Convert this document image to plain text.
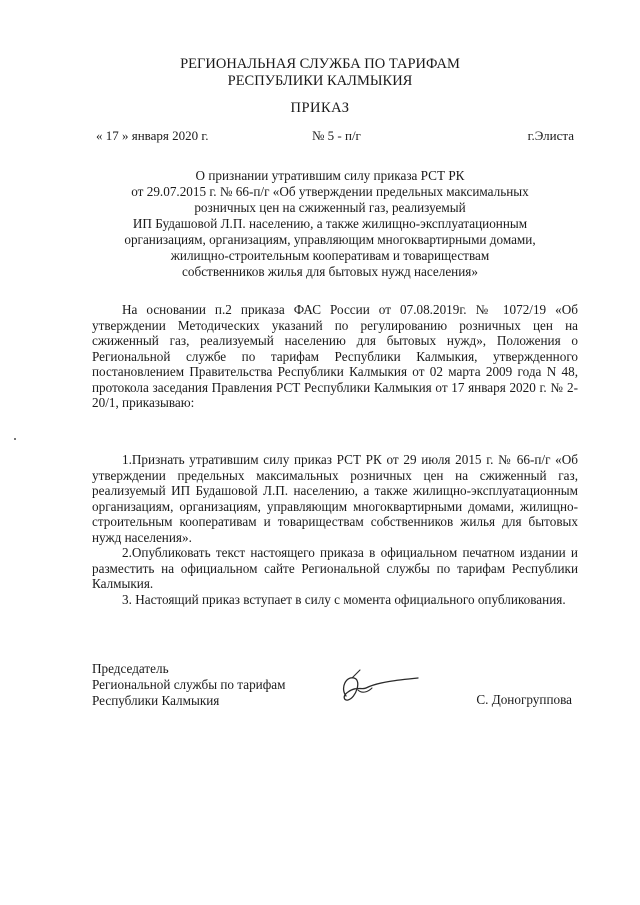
РЕГИОНАЛЬНАЯ СЛУЖБА ПО ТАРИФАМ
РЕСПУБЛИКИ КАЛМЫКИЯ
ПРИКАЗ
« 17 » января 2020 г.	№ 5 - п/г	г.Элиста
О признании утратившим силу приказа РСТ РК
от 29.07.2015 г. № 66-п/г «Об утверждении предельных максимальных
розничных цен на сжиженный газ, реализуемый
ИП Будашовой Л.П. населению, а также жилищно-эксплуатационным
организациям, организациям, управляющим многоквартирными домами,
жилищно-строительным кооперативам и товариществам
собственников жилья для бытовых нужд населения»

На основании п.2 приказа ФАС России от 07.08.2019г. № 1072/19 «Об утверждении Методических указаний по регулированию розничных цен на сжиженный газ, реализуемый населению для бытовых нужд», Положения о Региональной службе по тарифам Республики Калмыкия, утвержденного постановлением Правительства Республики Калмыкия от 02 марта 2009 года N 48, протокола заседания Правления РСТ Республики Калмыкия от 17 января 2020 г. № 2-20/1, приказываю:

1.Признать утратившим силу приказ РСТ РК от 29 июля 2015 г. № 66-п/г «Об утверждении предельных максимальных розничных цен на сжиженный газ, реализуемый ИП Будашовой Л.П. населению, а также жилищно-эксплуатационным организациям, организациям, управляющим многоквартирными домами, жилищно-строительным кооперативам и товариществам собственников жилья для бытовых нужд населения».

2.Опубликовать текст настоящего приказа в официальном печатном издании и разместить на официальном сайте Региональной службы по тарифам Республики Калмыкия.

3. Настоящий приказ вступает в силу с момента официального опубликования.

Председатель
Региональной службы по тарифам
Республики Калмыкия	С. Доногруппова
